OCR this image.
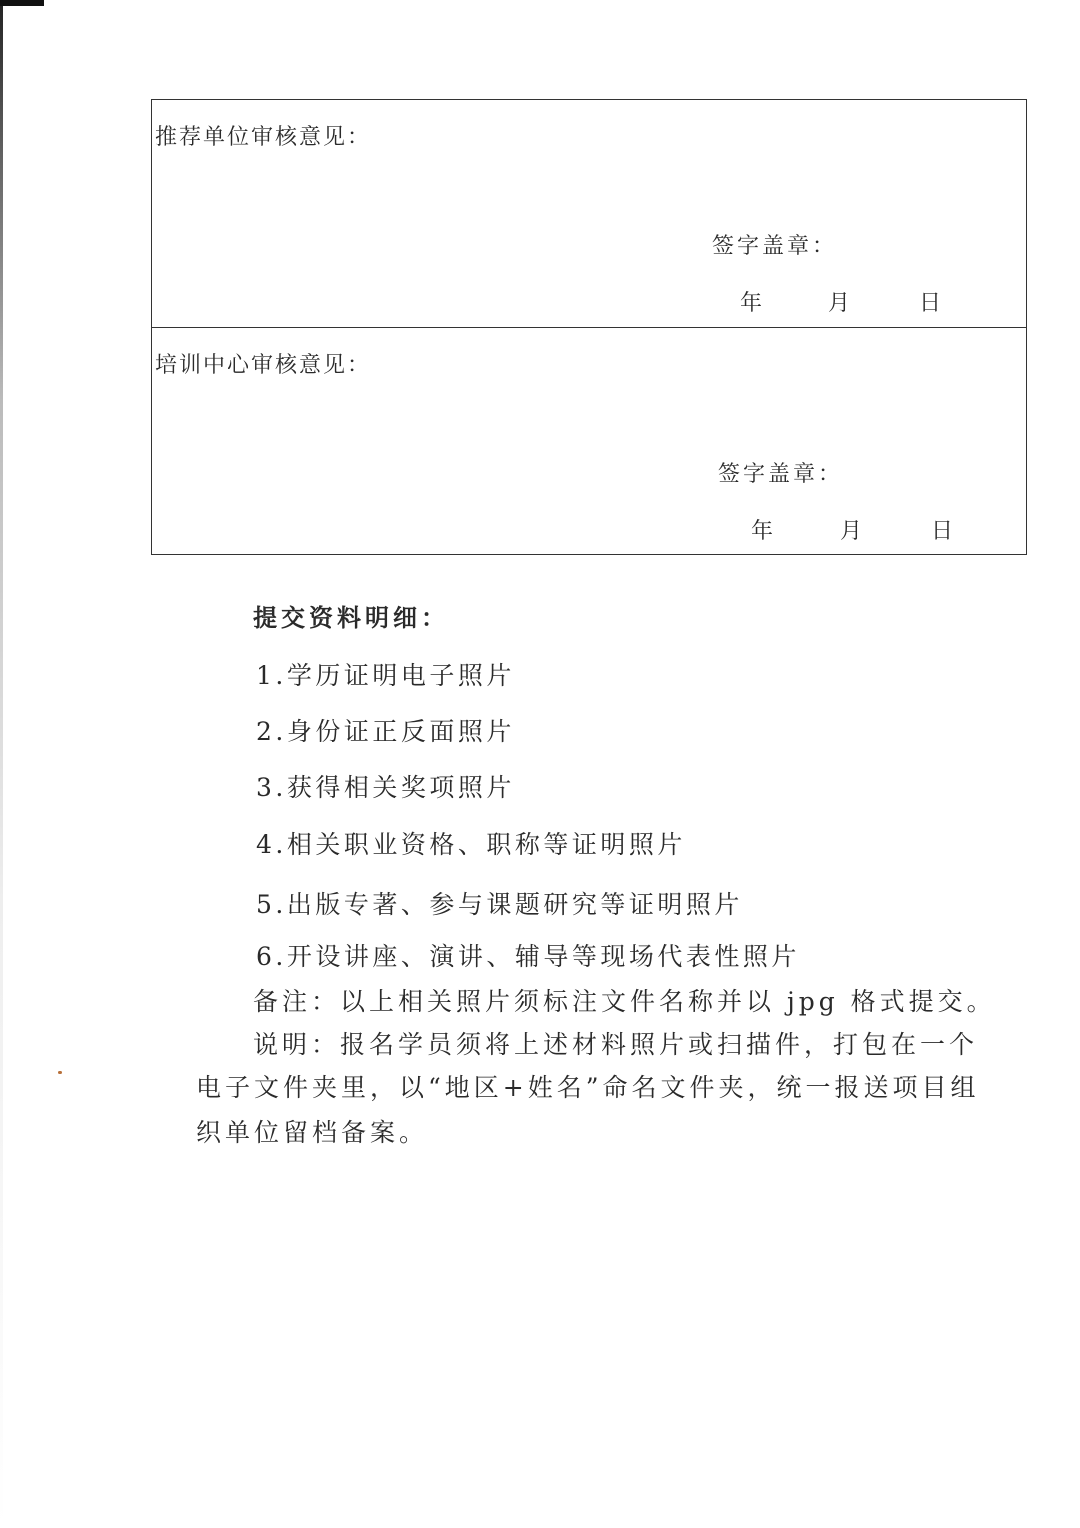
推荐单位审核意见：
签字盖章：
年	月	日
培训中心审核意见：
签字盖章：
年	月	日
提交资料明细：
1.学历证明电子照片
2.身份证正反面照片
3.获得相关奖项照片
4.相关职业资格、职称等证明照片
5.出版专著、参与课题研究等证明照片
6.开设讲座、演讲、辅导等现场代表性照片
备注：以上相关照片须标注文件名称并以 jpg 格式提交。
说明：报名学员须将上述材料照片或扫描件，打包在一个
电子文件夹里，以“地区+姓名”命名文件夹，统一报送项目组
织单位留档备案。
